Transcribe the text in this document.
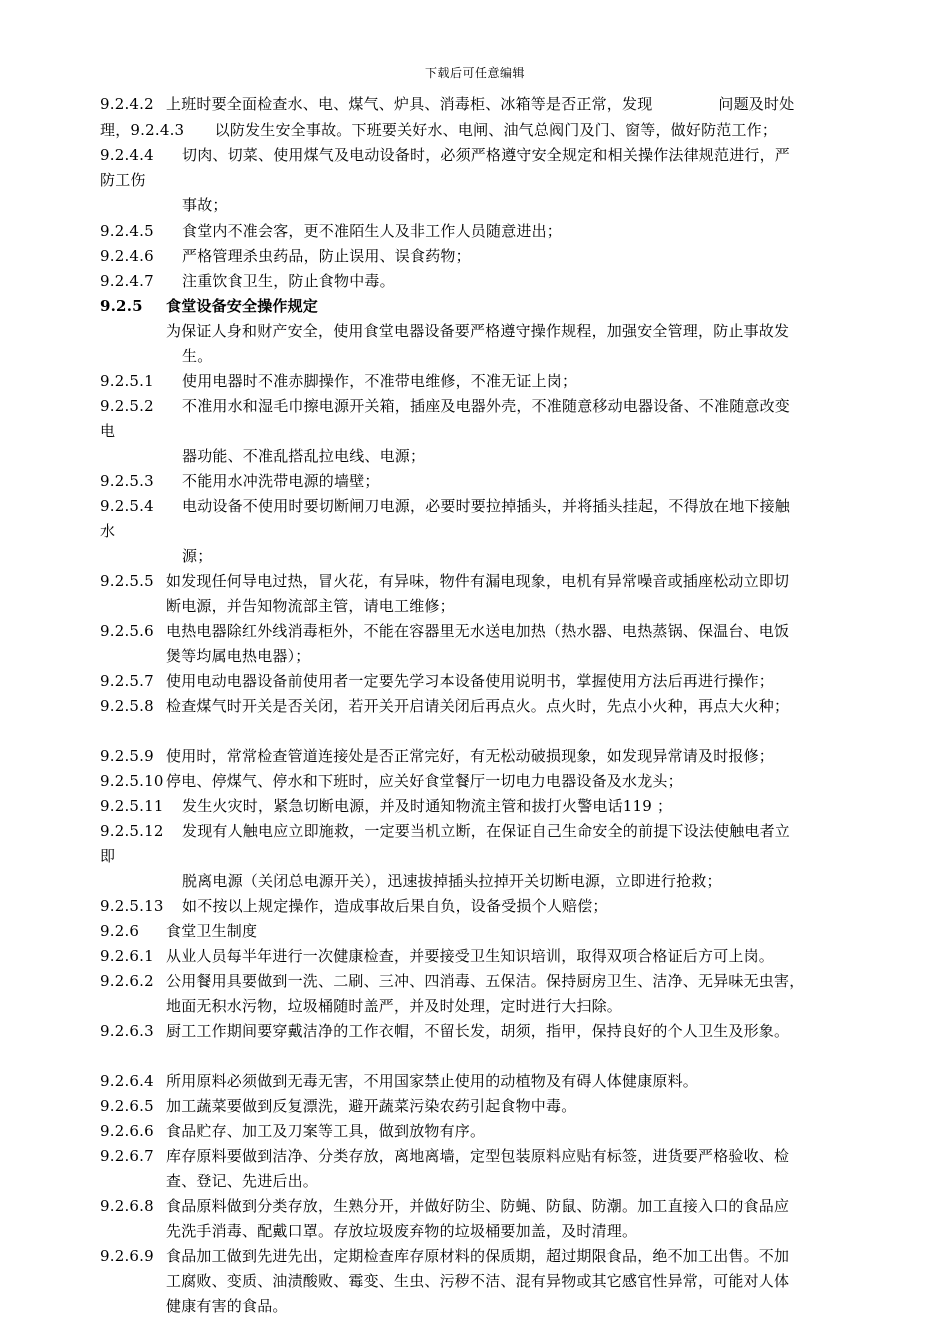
下载后可任意编辑
9.2.4.2 上班时要全面检查水、电、煤气、炉具、消毒柜、冰箱等是否正常，发现	问题及时处
理，9.2.4.3　　以防发生安全事故。下班要关好水、电闸、油气总阀门及门、窗等，做好防范工作；
9.2.4.4 切肉、切菜、使用煤气及电动设备时，必须严格遵守安全规定和相关操作法律规范进行，严
防工伤
事故；
9.2.4.5 食堂内不准会客，更不准陌生人及非工作人员随意进出；
9.2.4.6 严格管理杀虫药品，防止误用、误食药物；
9.2.4.7 注重饮食卫生，防止食物中毒。
9.2.5 食堂设备安全操作规定
为保证人身和财产安全，使用食堂电器设备要严格遵守操作规程，加强安全管理，防止事故发
生。
9.2.5.1 使用电器时不准赤脚操作，不准带电维修，不准无证上岗；
9.2.5.2 不准用水和湿毛巾擦电源开关箱，插座及电器外壳，不准随意移动电器设备、不准随意改变
电
器功能、不准乱搭乱拉电线、电源；
9.2.5.3 不能用水冲洗带电源的墙壁；
9.2.5.4 电动设备不使用时要切断闸刀电源，必要时要拉掉插头，并将插头挂起，不得放在地下接触
水
源；
9.2.5.5 如发现任何导电过热，冒火花，有异味，物件有漏电现象，电机有异常噪音或插座松动立即切
断电源，并告知物流部主管，请电工维修；
9.2.5.6 电热电器除红外线消毒柜外，不能在容器里无水送电加热（热水器、电热蒸锅、保温台、电饭
煲等均属电热电器）；
9.2.5.7 使用电动电器设备前使用者一定要先学习本设备使用说明书，掌握使用方法后再进行操作；
9.2.5.8 检查煤气时开关是否关闭，若开关开启请关闭后再点火。点火时，先点小火种，再点大火种；
9.2.5.9 使用时，常常检查管道连接处是否正常完好，有无松动破损现象，如发现异常请及时报修；
9.2.5.10 停电、停煤气、停水和下班时，应关好食堂餐厅一切电力电器设备及水龙头；
9.2.5.11 发生火灾时，紧急切断电源，并及时通知物流主管和拔打火警电话119 ；
9.2.5.12 发现有人触电应立即施救，一定要当机立断，在保证自己生命安全的前提下设法使触电者立
即
脱离电源（关闭总电源开关），迅速拔掉插头拉掉开关切断电源，立即进行抢救；
9.2.5.13 如不按以上规定操作，造成事故后果自负，设备受损个人赔偿；
9.2.6 食堂卫生制度
9.2.6.1 从业人员每半年进行一次健康检查，并要接受卫生知识培训，取得双项合格证后方可上岗。
9.2.6.2 公用餐用具要做到一洗、二刷、三冲、四消毒、五保洁。保持厨房卫生、洁净、无异味无虫害，
地面无积水污物，垃圾桶随时盖严，并及时处理，定时进行大扫除。
9.2.6.3 厨工工作期间要穿戴洁净的工作衣帽，不留长发，胡须，指甲，保持良好的个人卫生及形象。
9.2.6.4 所用原料必须做到无毒无害，不用国家禁止使用的动植物及有碍人体健康原料。
9.2.6.5 加工蔬菜要做到反复漂洗，避开蔬菜污染农药引起食物中毒。
9.2.6.6 食品贮存、加工及刀案等工具，做到放物有序。
9.2.6.7 库存原料要做到洁净、分类存放，离地离墙，定型包装原料应贴有标签，进货要严格验收、检
查、登记、先进后出。
9.2.6.8 食品原料做到分类存放，生熟分开，并做好防尘、防蝇、防鼠、防潮。加工直接入口的食品应
先洗手消毒、配戴口罩。存放垃圾废弃物的垃圾桶要加盖，及时清理。
9.2.6.9 食品加工做到先进先出，定期检查库存原材料的保质期，超过期限食品，绝不加工出售。不加
工腐败、变质、油渍酸败、霉变、生虫、污秽不洁、混有异物或其它感官性异常，可能对人体
健康有害的食品。
